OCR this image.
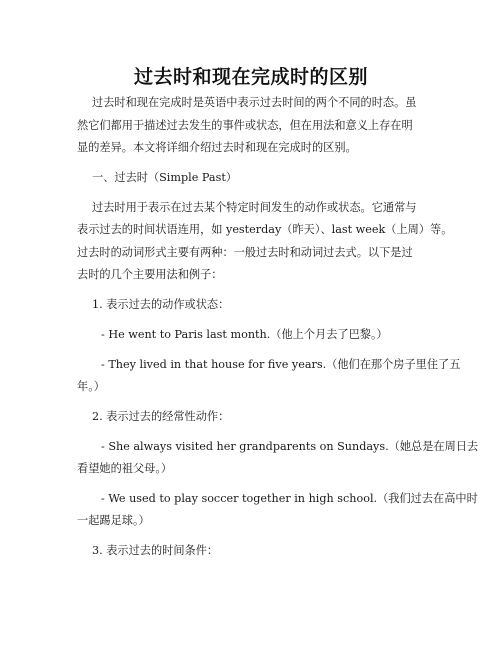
过去时和现在完成时的区别
过去时和现在完成时是英语中表示过去时间的两个不同的时态。虽
然它们都用于描述过去发生的事件或状态，但在用法和意义上存在明
显的差异。本文将详细介绍过去时和现在完成时的区别。
一、过去时（Simple Past）
过去时用于表示在过去某个特定时间发生的动作或状态。它通常与
表示过去的时间状语连用，如 yesterday（昨天）、last week（上周）等。
过去时的动词形式主要有两种：一般过去时和动词过去式。以下是过
去时的几个主要用法和例子：
1. 表示过去的动作或状态：
- He went to Paris last month.（他上个月去了巴黎。）
- They lived in that house for five years.（他们在那个房子里住了五
年。）
2. 表示过去的经常性动作：
- She always visited her grandparents on Sundays.（她总是在周日去
看望她的祖父母。）
- We used to play soccer together in high school.（我们过去在高中时
一起踢足球。）
3. 表示过去的时间条件：
